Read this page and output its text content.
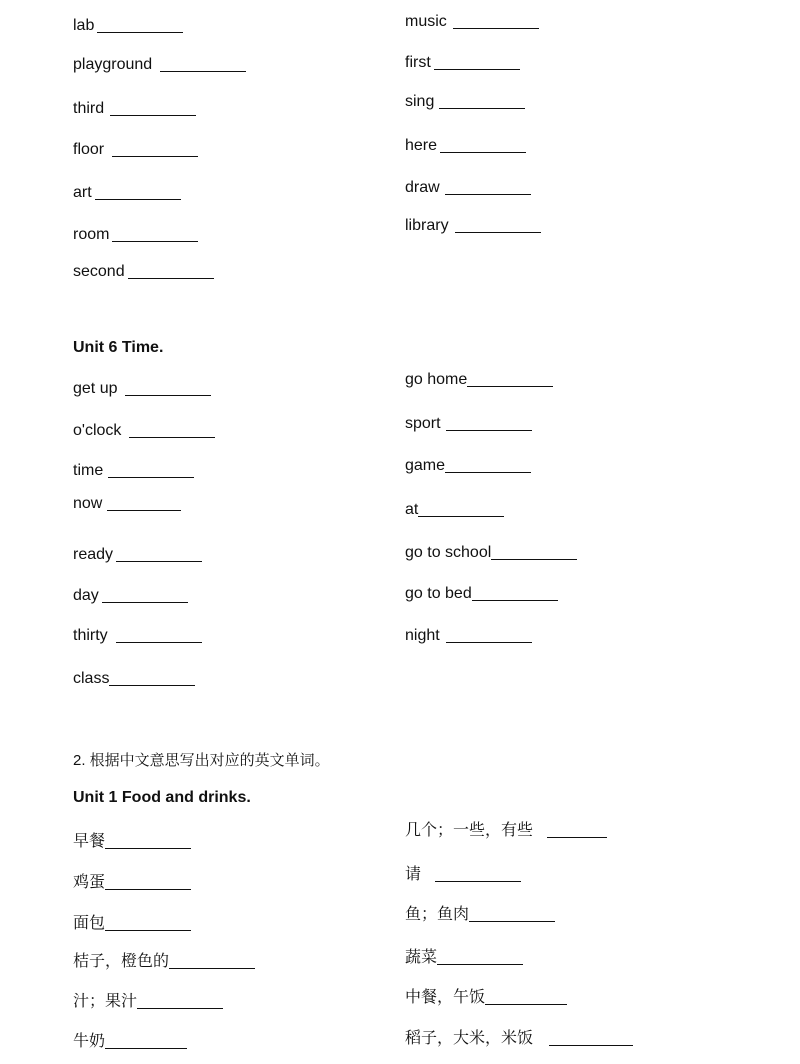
lab
playground
third
floor
art
room
second
music
first
sing
here
draw
library
Unit 6 Time.
get up
o'clock
time
now
ready
day
thirty
class
go home
sport
game
at
go to school
go to bed
night
2. 根据中文意思写出对应的英文单词。
Unit 1 Food and drinks.
早餐
鸡蛋
面包
桔子，橙色的
汁；果汁
牛奶
几个；一些，有些
请
鱼；鱼肉
蔬菜
中餐，午饭
稻子，大米，米饭
